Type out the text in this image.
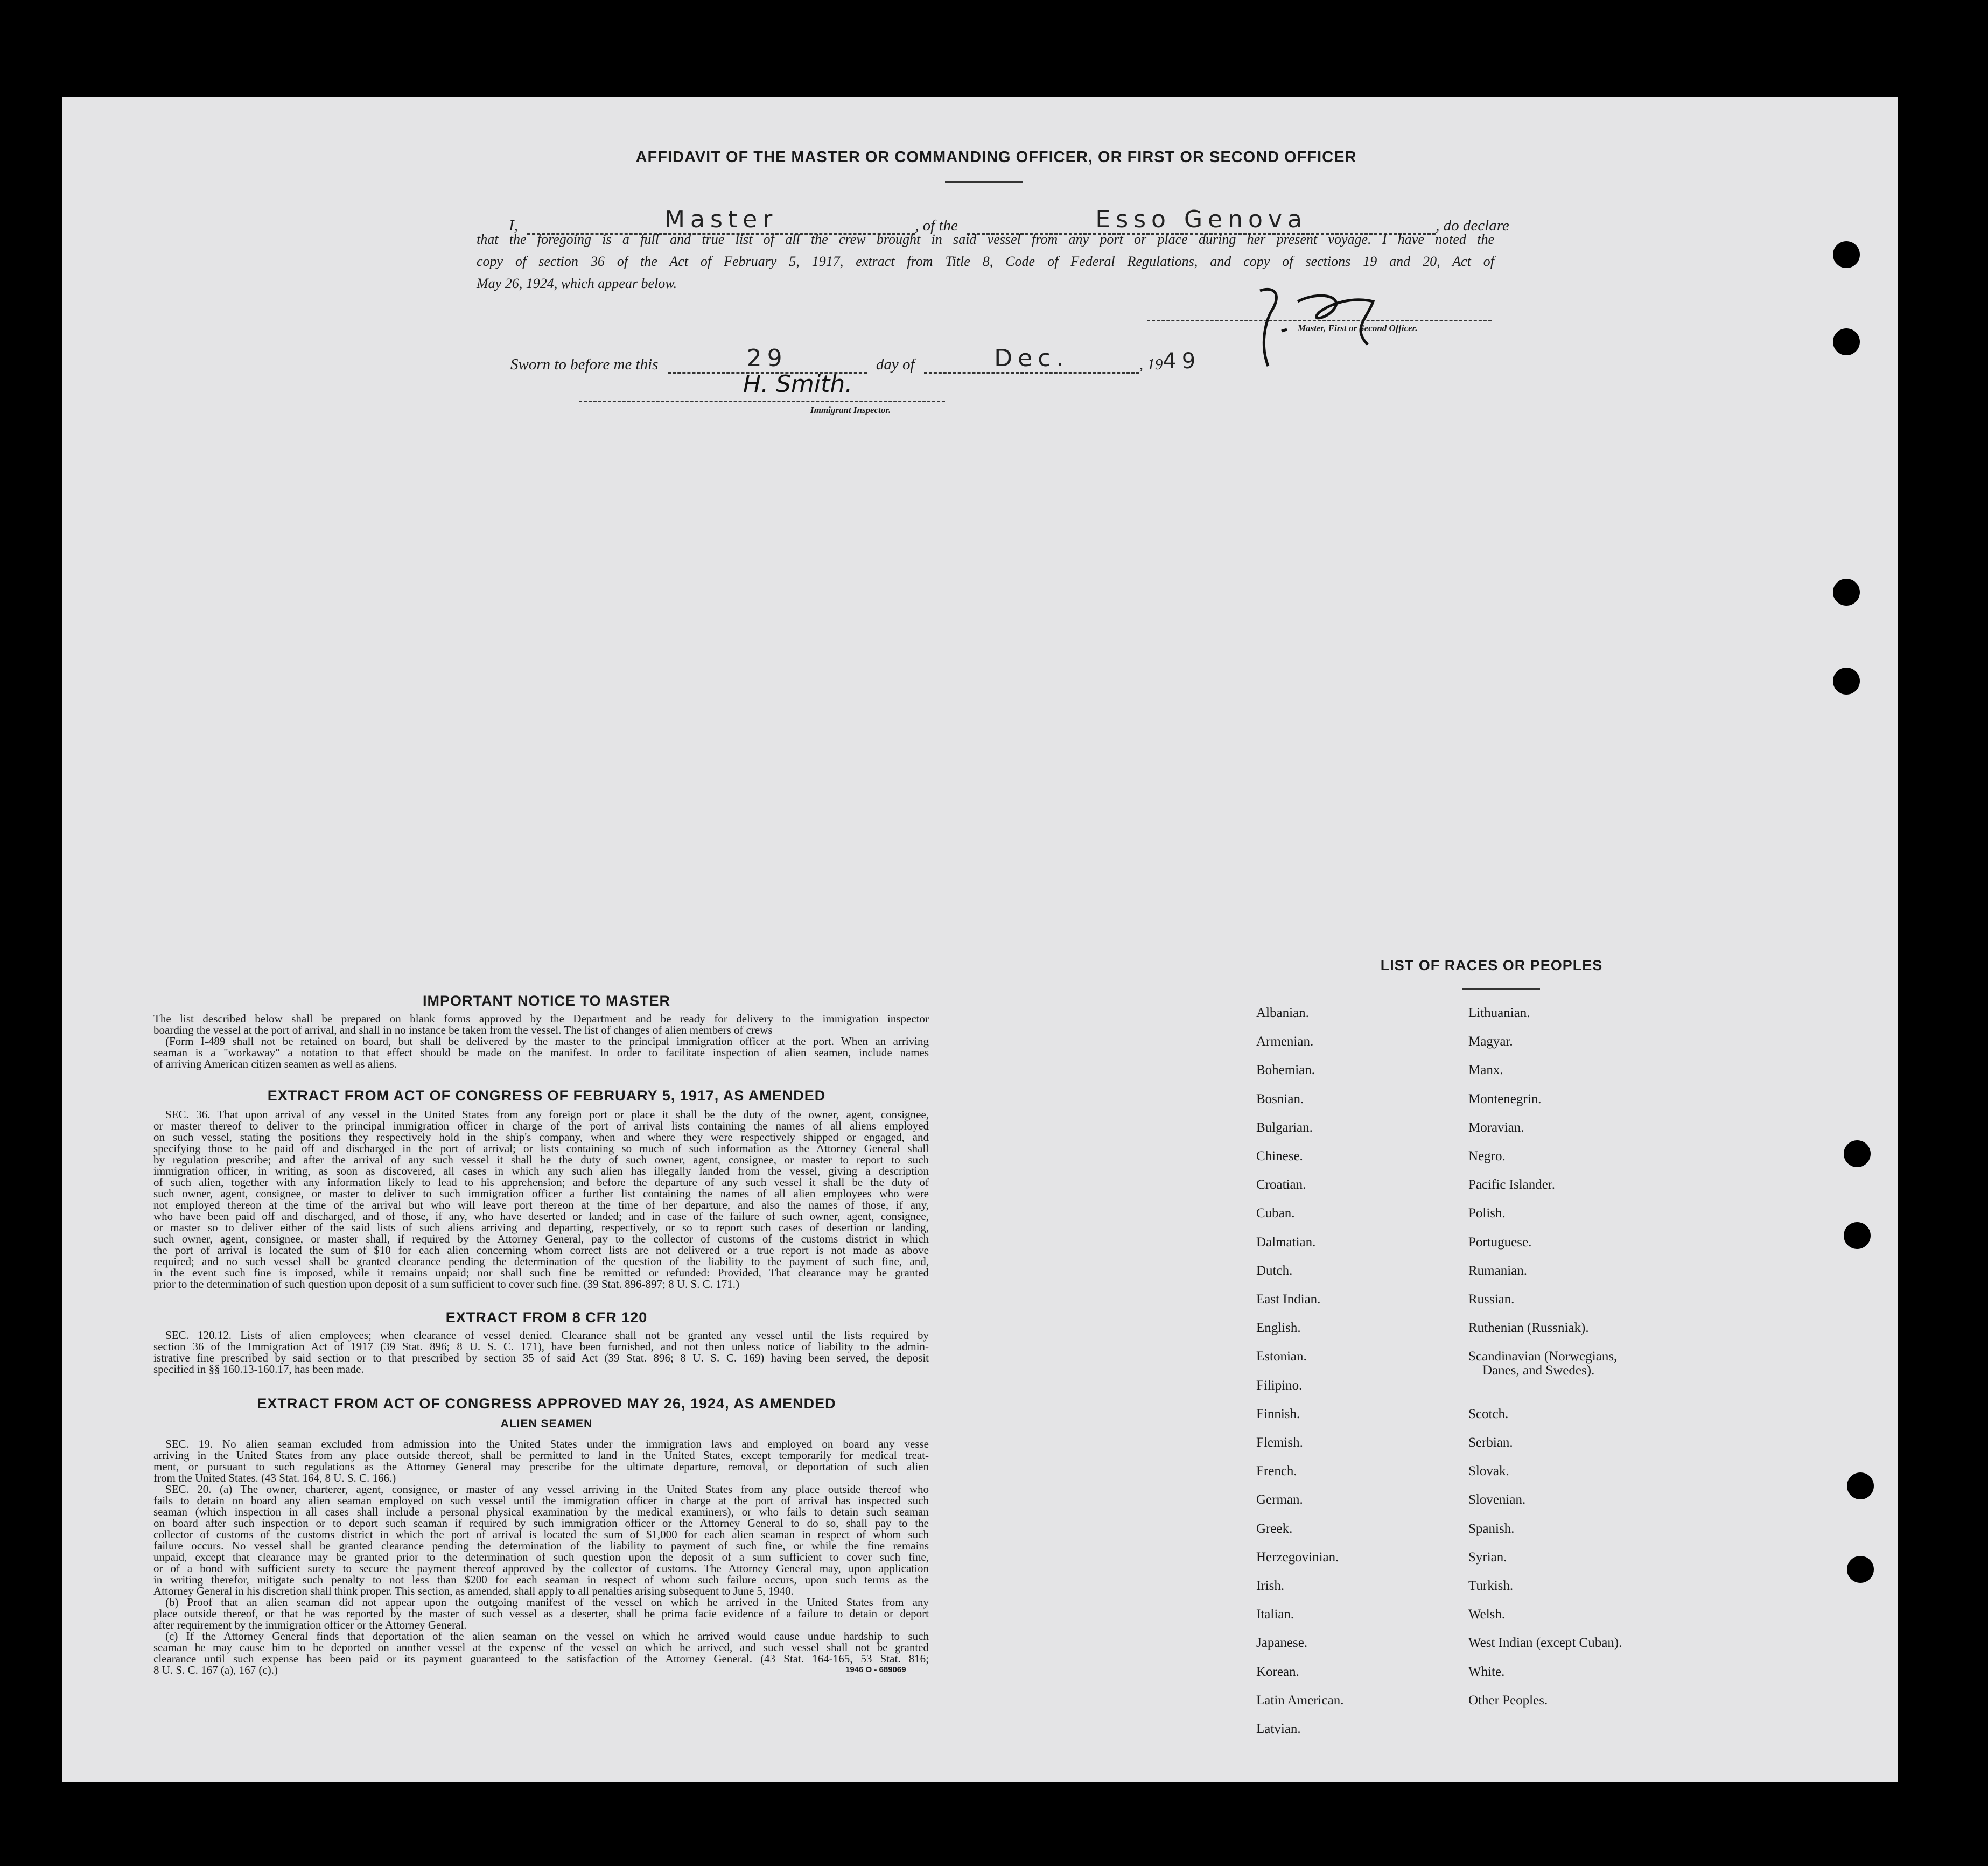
AFFIDAVIT OF THE MASTER OR COMMANDING OFFICER, OR FIRST OR SECOND OFFICER
I,	Master	, of the	Esso Genova	, do declare
that the foregoing is a full and true list of all the crew brought in said vessel from any port or place during her present voyage. I have noted the
copy of section 36 of the Act of February 5, 1917, extract from Title 8, Code of Federal Regulations, and copy of sections 19 and 20, Act of
May 26, 1924, which appear below.
Master, First or Second Officer.
Sworn to before me this	29	day of	Dec.	, 1949
H. Smith.
Immigrant Inspector.
IMPORTANT NOTICE TO MASTER
The list described below shall be prepared on blank forms approved by the Department and be ready for delivery to the immigration inspector
boarding the vessel at the port of arrival, and shall in no instance be taken from the vessel. The list of changes of alien members of crews
(Form I-489 shall not be retained on board, but shall be delivered by the master to the principal immigration officer at the port. When an arriving
seaman is a "workaway" a notation to that effect should be made on the manifest. In order to facilitate inspection of alien seamen, include names
of arriving American citizen seamen as well as aliens.
EXTRACT FROM ACT OF CONGRESS OF FEBRUARY 5, 1917, AS AMENDED
SEC. 36. That upon arrival of any vessel in the United States from any foreign port or place it shall be the duty of the owner, agent, consignee,
or master thereof to deliver to the principal immigration officer in charge of the port of arrival lists containing the names of all aliens employed
on such vessel, stating the positions they respectively hold in the ship's company, when and where they were respectively shipped or engaged, and
specifying those to be paid off and discharged in the port of arrival; or lists containing so much of such information as the Attorney General shall
by regulation prescribe; and after the arrival of any such vessel it shall be the duty of such owner, agent, consignee, or master to report to such
immigration officer, in writing, as soon as discovered, all cases in which any such alien has illegally landed from the vessel, giving a description
of such alien, together with any information likely to lead to his apprehension; and before the departure of any such vessel it shall be the duty of
such owner, agent, consignee, or master to deliver to such immigration officer a further list containing the names of all alien employees who were
not employed thereon at the time of the arrival but who will leave port thereon at the time of her departure, and also the names of those, if any,
who have been paid off and discharged, and of those, if any, who have deserted or landed; and in case of the failure of such owner, agent, consignee,
or master so to deliver either of the said lists of such aliens arriving and departing, respectively, or so to report such cases of desertion or landing,
such owner, agent, consignee, or master shall, if required by the Attorney General, pay to the collector of customs of the customs district in which
the port of arrival is located the sum of $10 for each alien concerning whom correct lists are not delivered or a true report is not made as above
required; and no such vessel shall be granted clearance pending the determination of the question of the liability to the payment of such fine, and,
in the event such fine is imposed, while it remains unpaid; nor shall such fine be remitted or refunded: Provided, That clearance may be granted
prior to the determination of such question upon deposit of a sum sufficient to cover such fine. (39 Stat. 896-897; 8 U. S. C. 171.)
EXTRACT FROM 8 CFR 120
SEC. 120.12. Lists of alien employees; when clearance of vessel denied. Clearance shall not be granted any vessel until the lists required by
section 36 of the Immigration Act of 1917 (39 Stat. 896; 8 U. S. C. 171), have been furnished, and not then unless notice of liability to the admin-
istrative fine prescribed by said section or to that prescribed by section 35 of said Act (39 Stat. 896; 8 U. S. C. 169) having been served, the deposit
specified in §§ 160.13-160.17, has been made.
EXTRACT FROM ACT OF CONGRESS APPROVED MAY 26, 1924, AS AMENDED
ALIEN SEAMEN
SEC. 19. No alien seaman excluded from admission into the United States under the immigration laws and employed on board any vesse
arriving in the United States from any place outside thereof, shall be permitted to land in the United States, except temporarily for medical treat-
ment, or pursuant to such regulations as the Attorney General may prescribe for the ultimate departure, removal, or deportation of such alien
from the United States. (43 Stat. 164, 8 U. S. C. 166.)
SEC. 20. (a) The owner, charterer, agent, consignee, or master of any vessel arriving in the United States from any place outside thereof who
fails to detain on board any alien seaman employed on such vessel until the immigration officer in charge at the port of arrival has inspected such
seaman (which inspection in all cases shall include a personal physical examination by the medical examiners), or who fails to detain such seaman
on board after such inspection or to deport such seaman if required by such immigration officer or the Attorney General to do so, shall pay to the
collector of customs of the customs district in which the port of arrival is located the sum of $1,000 for each alien seaman in respect of whom such
failure occurs. No vessel shall be granted clearance pending the determination of the liability to payment of such fine, or while the fine remains
unpaid, except that clearance may be granted prior to the determination of such question upon the deposit of a sum sufficient to cover such fine,
or of a bond with sufficient surety to secure the payment thereof approved by the collector of customs. The Attorney General may, upon application
in writing therefor, mitigate such penalty to not less than $200 for each seaman in respect of whom such failure occurs, upon such terms as the
Attorney General in his discretion shall think proper. This section, as amended, shall apply to all penalties arising subsequent to June 5, 1940.
(b) Proof that an alien seaman did not appear upon the outgoing manifest of the vessel on which he arrived in the United States from any
place outside thereof, or that he was reported by the master of such vessel as a deserter, shall be prima facie evidence of a failure to detain or deport
after requirement by the immigration officer or the Attorney General.
(c) If the Attorney General finds that deportation of the alien seaman on the vessel on which he arrived would cause undue hardship to such
seaman he may cause him to be deported on another vessel at the expense of the vessel on which he arrived, and such vessel shall not be granted
clearance until such expense has been paid or its payment guaranteed to the satisfaction of the Attorney General. (43 Stat. 164-165, 53 Stat. 816;
8 U. S. C. 167 (a), 167 (c).)	1946 O - 689069
LIST OF RACES OR PEOPLES
Albanian.
Armenian.
Bohemian.
Bosnian.
Bulgarian.
Chinese.
Croatian.
Cuban.
Dalmatian.
Dutch.
East Indian.
English.
Estonian.
Filipino.
Finnish.
Flemish.
French.
German.
Greek.
Herzegovinian.
Irish.
Italian.
Japanese.
Korean.
Latin American.
Latvian.
Lithuanian.
Magyar.
Manx.
Montenegrin.
Moravian.
Negro.
Pacific Islander.
Polish.
Portuguese.
Rumanian.
Russian.
Ruthenian (Russniak).
Scandinavian (Norwegians,
Danes, and Swedes).
Scotch.
Serbian.
Slovak.
Slovenian.
Spanish.
Syrian.
Turkish.
Welsh.
West Indian (except Cuban).
White.
Other Peoples.
